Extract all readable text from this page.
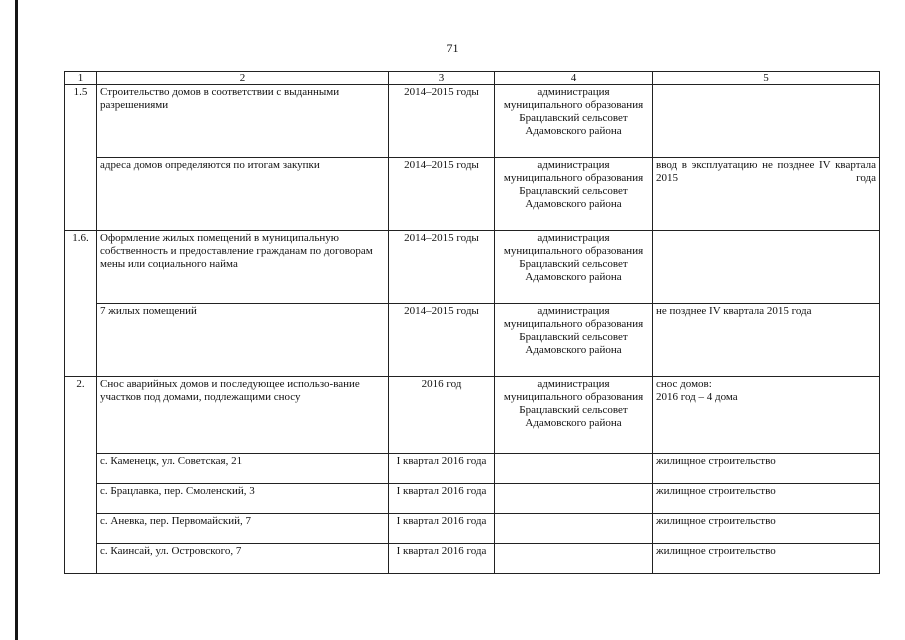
71
1	2	3	4	5
1.5	Строительство домов в соответствии с выданными разрешениями	2014–2015 годы	администрация муниципального образования Брацлавский сельсовет Адамовского района	
	адреса домов определяются по итогам закупки	2014–2015 годы	администрация муниципального образования Брацлавский сельсовет Адамовского района	ввод в эксплуатацию не позднее IV квартала 2015 года
1.6.	Оформление жилых помещений в муниципальную собственность и предоставление гражданам по договорам мены или социального найма	2014–2015 годы	администрация муниципального образования Брацлавский сельсовет Адамовского района	
	7 жилых помещений	2014–2015 годы	администрация муниципального образования Брацлавский сельсовет Адамовского района	не позднее IV квартала 2015 года
2.	Снос аварийных домов и последующее использо-вание участков под домами, подлежащими сносу	2016 год	администрация муниципального образования Брацлавский сельсовет Адамовского района	снос домов:
2016 год – 4 дома

	с. Каменецк, ул. Советская, 21	I квартал 2016 года		жилищное строительство
	с. Брацлавка, пер. Смоленский, 3	I квартал 2016 года		жилищное строительство
	с. Аневка, пер. Первомайский, 7	I квартал 2016 года		жилищное строительство
	с. Каинсай, ул. Островского, 7	I квартал 2016 года		жилищное строительство
